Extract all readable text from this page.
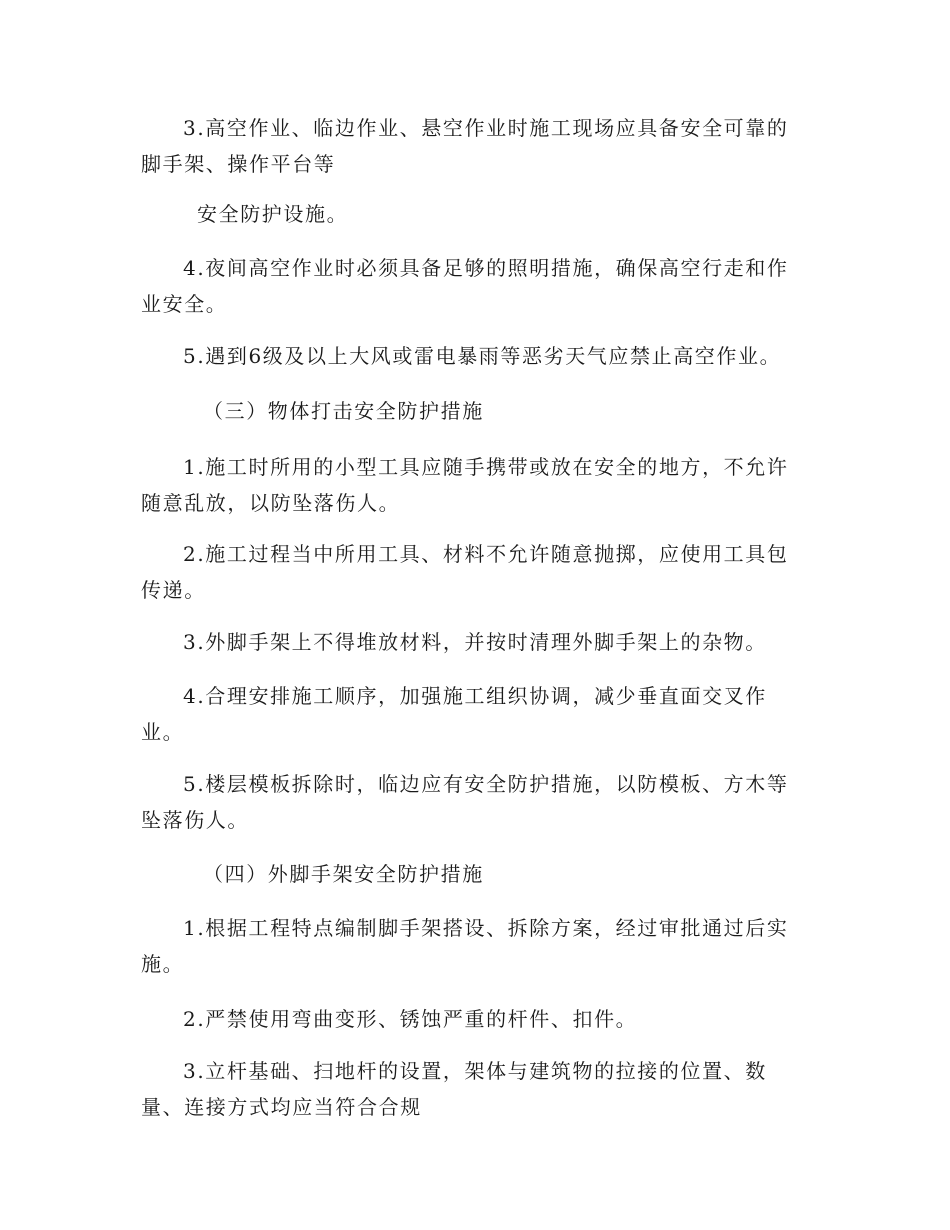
3.高空作业、临边作业、悬空作业时施工现场应具备安全可靠的脚手架、操作平台等

安全防护设施。

4.夜间高空作业时必须具备足够的照明措施，确保高空行走和作业安全。

5.遇到6级及以上大风或雷电暴雨等恶劣天气应禁止高空作业。

（三）物体打击安全防护措施

1.施工时所用的小型工具应随手携带或放在安全的地方，不允许随意乱放，以防坠落伤人。

2.施工过程当中所用工具、材料不允许随意抛掷，应使用工具包传递。

3.外脚手架上不得堆放材料，并按时清理外脚手架上的杂物。

4.合理安排施工顺序，加强施工组织协调，减少垂直面交叉作业。

5.楼层模板拆除时，临边应有安全防护措施，以防模板、方木等坠落伤人。

（四）外脚手架安全防护措施

1.根据工程特点编制脚手架搭设、拆除方案，经过审批通过后实施。

2.严禁使用弯曲变形、锈蚀严重的杆件、扣件。

3.立杆基础、扫地杆的设置，架体与建筑物的拉接的位置、数量、连接方式均应当符合合规
